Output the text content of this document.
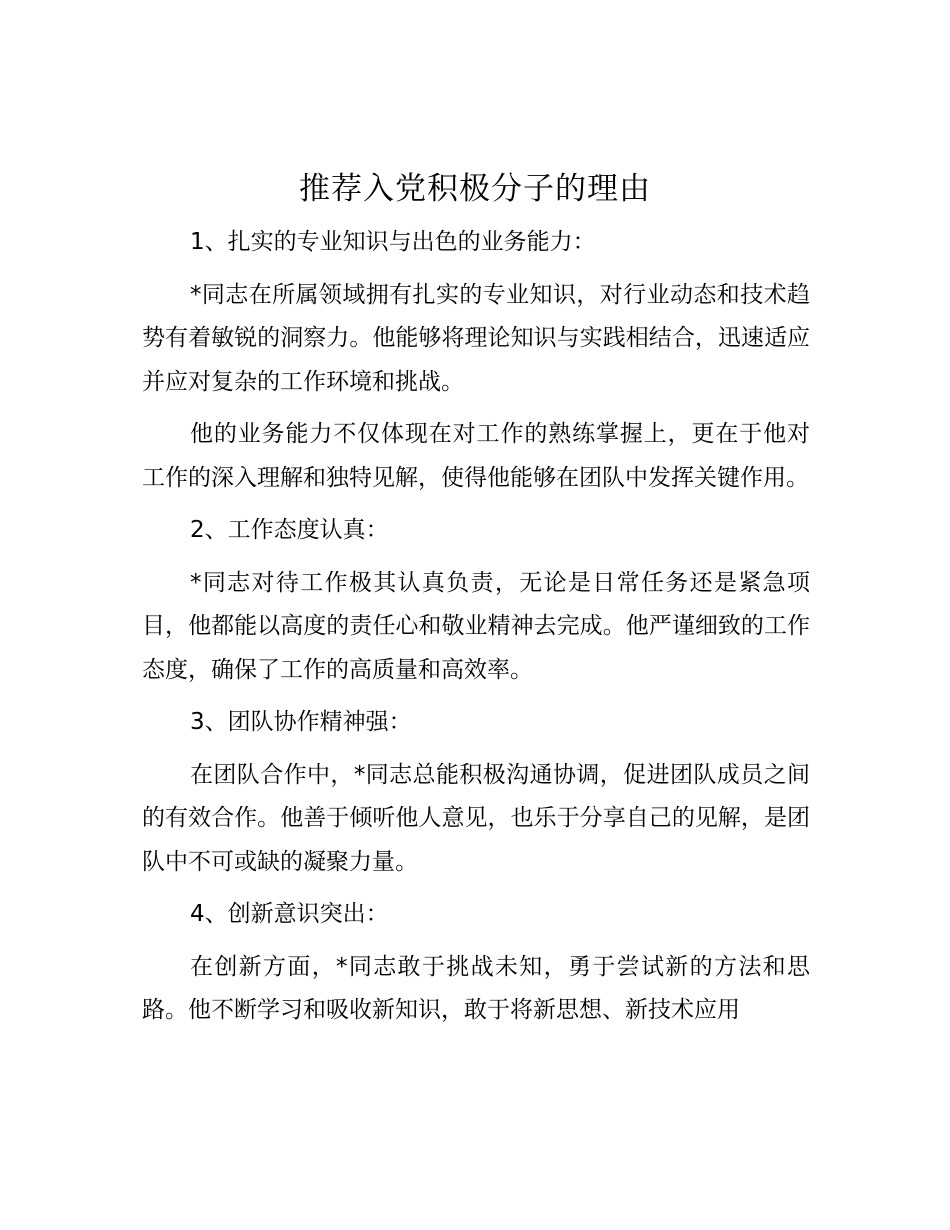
推荐入党积极分子的理由

1、扎实的专业知识与出色的业务能力：

*同志在所属领域拥有扎实的专业知识，对行业动态和技术趋势有着敏锐的洞察力。他能够将理论知识与实践相结合，迅速适应并应对复杂的工作环境和挑战。

他的业务能力不仅体现在对工作的熟练掌握上，更在于他对工作的深入理解和独特见解，使得他能够在团队中发挥关键作用。

2、工作态度认真：

*同志对待工作极其认真负责，无论是日常任务还是紧急项目，他都能以高度的责任心和敬业精神去完成。他严谨细致的工作态度，确保了工作的高质量和高效率。

3、团队协作精神强：

在团队合作中，*同志总能积极沟通协调，促进团队成员之间的有效合作。他善于倾听他人意见，也乐于分享自己的见解，是团队中不可或缺的凝聚力量。

4、创新意识突出：

在创新方面，*同志敢于挑战未知，勇于尝试新的方法和思路。他不断学习和吸收新知识，敢于将新思想、新技术应用
